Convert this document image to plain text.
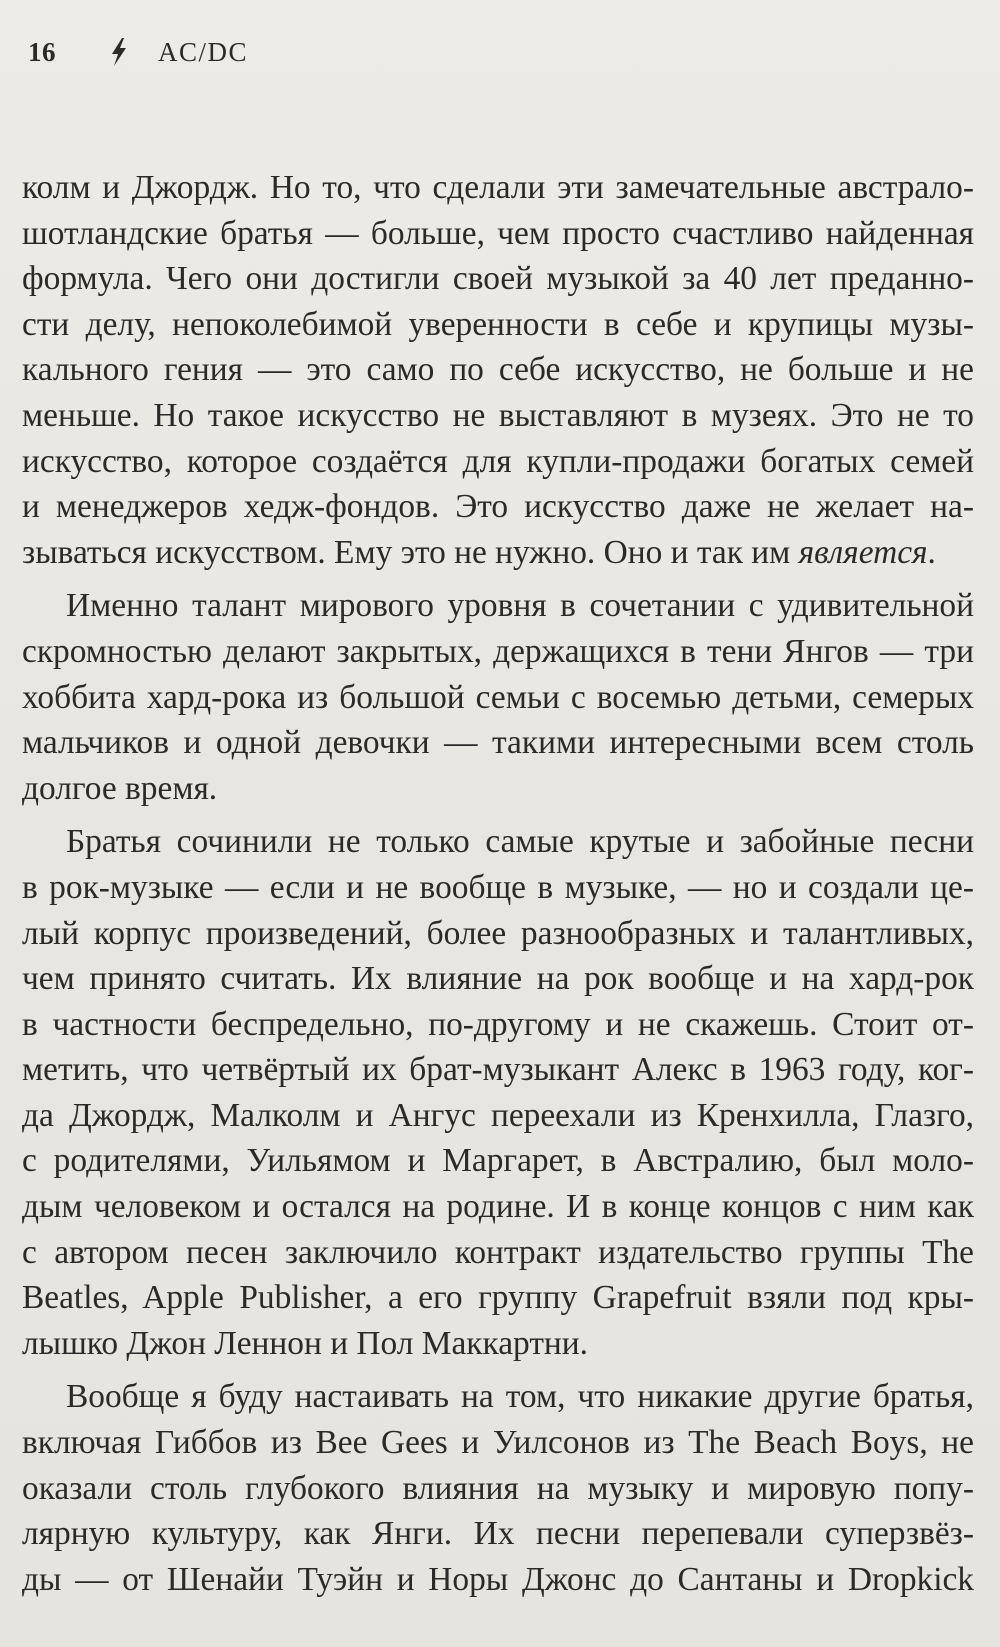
16	AC/DC

колм и Джордж. Но то, что сделали эти замечательные австрало-
шотландские братья — больше, чем просто счастливо найденная
формула. Чего они достигли своей музыкой за 40 лет преданно-
сти делу, непоколебимой уверенности в себе и крупицы музы-
кального гения — это само по себе искусство, не больше и не
меньше. Но такое искусство не выставляют в музеях. Это не то
искусство, которое создаётся для купли-продажи богатых семей
и менеджеров хедж-фондов. Это искусство даже не желает на-
зываться искусством. Ему это не нужно. Оно и так им является.

Именно талант мирового уровня в сочетании с удивительной
скромностью делают закрытых, держащихся в тени Янгов — три
хоббита хард-рока из большой семьи с восемью детьми, семерых
мальчиков и одной девочки — такими интересными всем столь
долгое время.

Братья сочинили не только самые крутые и забойные песни
в рок-музыке — если и не вообще в музыке, — но и создали це-
лый корпус произведений, более разнообразных и талантливых,
чем принято считать. Их влияние на рок вообще и на хард-рок
в частности беспредельно, по-другому и не скажешь. Стоит от-
метить, что четвёртый их брат-музыкант Алекс в 1963 году, ког-
да Джордж, Малколм и Ангус переехали из Кренхилла, Глазго,
с родителями, Уильямом и Маргарет, в Австралию, был моло-
дым человеком и остался на родине. И в конце концов с ним как
с автором песен заключило контракт издательство группы The
Beatles, Apple Publisher, а его группу Grapefruit взяли под кры-
лышко Джон Леннон и Пол Маккартни.

Вообще я буду настаивать на том, что никакие другие братья,
включая Гиббов из Bee Gees и Уилсонов из The Beach Boys, не
оказали столь глубокого влияния на музыку и мировую попу-
лярную культуру, как Янги. Их песни перепевали суперзвёз-
ды — от Шенайи Туэйн и Норы Джонс до Сантаны и Dropkick
